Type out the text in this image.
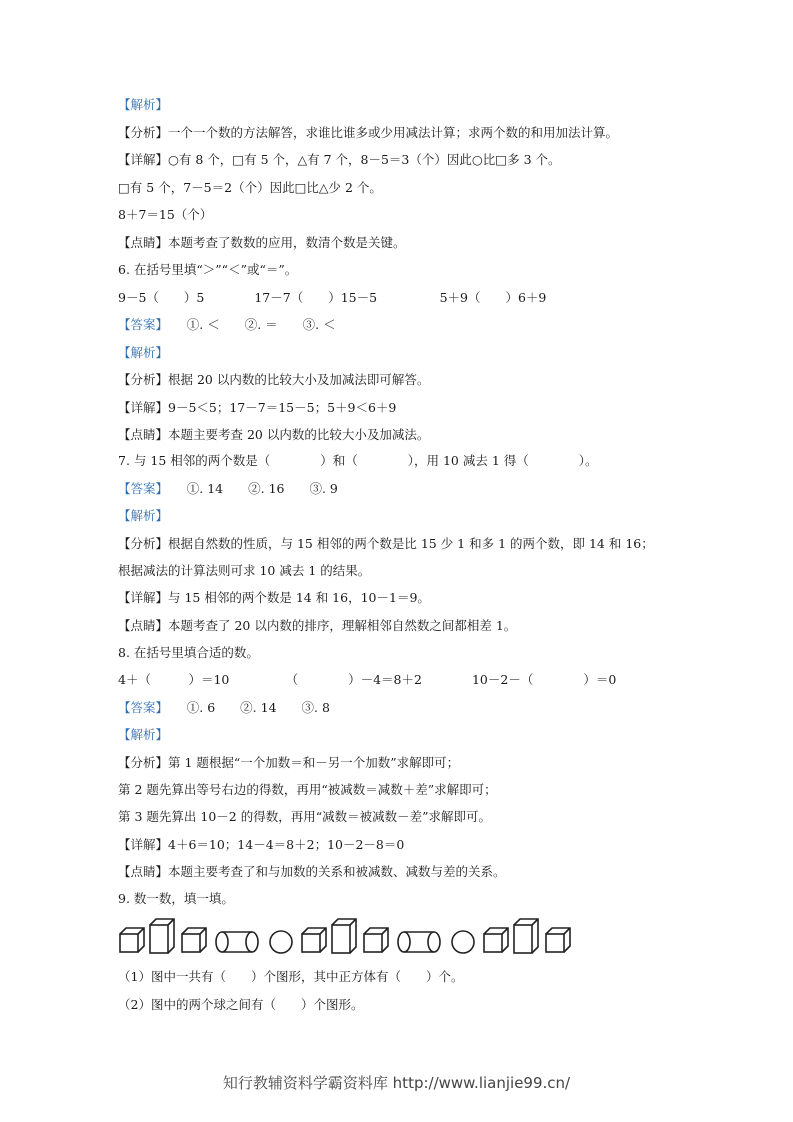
【解析】
【分析】一个一个数的方法解答，求谁比谁多或少用减法计算；求两个数的和用加法计算。
【详解】○有 8 个，□有 5 个，△有 7 个，8－5＝3（个）因此○比□多 3 个。
□有 5 个，7－5＝2（个）因此□比△少 2 个。
8＋7＝15（个）
【点睛】本题考查了数数的应用，数清个数是关键。
6. 在括号里填“＞”“＜”或“＝”。
9－5（　　）5　　　　17－7（　　）15－5　　　　　5＋9（　　）6＋9
【答案】　　①. ＜　　②. ＝　　③. ＜
【解析】
【分析】根据 20 以内数的比较大小及加减法即可解答。
【详解】9－5＜5；17－7＝15－5；5＋9＜6＋9
【点睛】本题主要考查 20 以内数的比较大小及加减法。
7. 与 15 相邻的两个数是（　　　　）和（　　　　），用 10 减去 1 得（　　　　）。
【答案】　　①. 14　　②. 16　　③. 9
【解析】
【分析】根据自然数的性质，与 15 相邻的两个数是比 15 少 1 和多 1 的两个数，即 14 和 16；
根据减法的计算法则可求 10 减去 1 的结果。
【详解】与 15 相邻的两个数是 14 和 16，10－1＝9。
【点睛】本题考查了 20 以内数的排序，理解相邻自然数之间都相差 1。
8. 在括号里填合适的数。
4＋（　　　）＝10　　　　　（　　　　）－4＝8＋2　　　　10－2－（　　　　）＝0
【答案】　　①. 6　　②. 14　　③. 8
【解析】
【分析】第 1 题根据“一个加数＝和－另一个加数”求解即可；
第 2 题先算出等号右边的得数，再用“被减数＝减数＋差”求解即可；
第 3 题先算出 10－2 的得数，再用“减数＝被减数－差”求解即可。
【详解】4＋6＝10；14－4＝8＋2；10－2－8＝0
【点睛】本题主要考查了和与加数的关系和被减数、减数与差的关系。
9. 数一数，填一填。
（1）图中一共有（　　）个图形，其中正方体有（　　）个。
（2）图中的两个球之间有（　　）个图形。
知行教辅资料学霸资料库 http://www.lianjie99.cn/
